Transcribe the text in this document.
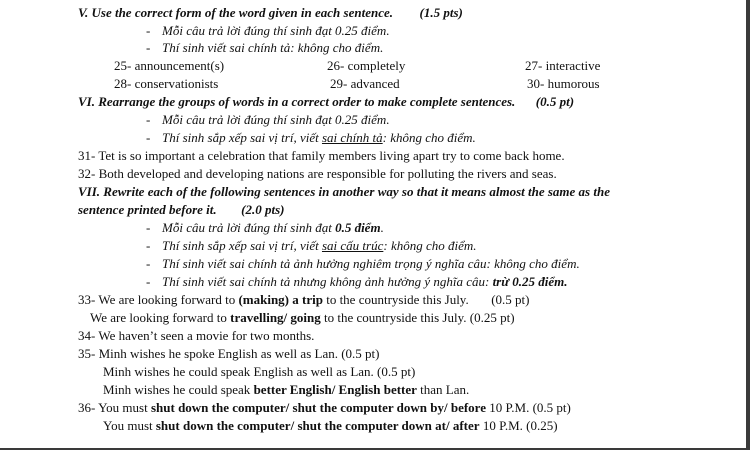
V. Use the correct form of the word given in each sentence. (1.5 pts)
- Mỗi câu trả lời đúng thí sinh đạt 0.25 điểm.
- Thí sinh viết sai chính tả: không cho điểm.
25- announcement(s)	26- completely	27- interactive
28- conservationists	29- advanced	30- humorous
VI. Rearrange the groups of words in a correct order to make complete sentences. (0.5 pt)
- Mỗi câu trả lời đúng thí sinh đạt 0.25 điểm.
- Thí sinh sắp xếp sai vị trí, viết sai chính tả: không cho điểm.
31- Tet is so important a celebration that family members living apart try to come back home.
32- Both developed and developing nations are responsible for polluting the rivers and seas.
VII. Rewrite each of the following sentences in another way so that it means almost the same as the
sentence printed before it. (2.0 pts)
- Mỗi câu trả lời đúng thí sinh đạt 0.5 điểm.
- Thí sinh sắp xếp sai vị trí, viết sai cấu trúc: không cho điểm.
- Thí sinh viết sai chính tả ảnh hưởng nghiêm trọng ý nghĩa câu: không cho điểm.
- Thí sinh viết sai chính tả nhưng không ảnh hưởng ý nghĩa câu: trừ 0.25 điểm.
33- We are looking forward to (making) a trip to the countryside this July. (0.5 pt)
We are looking forward to travelling/ going to the countryside this July. (0.25 pt)
34- We haven’t seen a movie for two months.
35- Minh wishes he spoke English as well as Lan. (0.5 pt)
Minh wishes he could speak English as well as Lan. (0.5 pt)
Minh wishes he could speak better English/ English better than Lan.
36- You must shut down the computer/ shut the computer down by/ before 10 P.M. (0.5 pt)
You must shut down the computer/ shut the computer down at/ after 10 P.M. (0.25)
